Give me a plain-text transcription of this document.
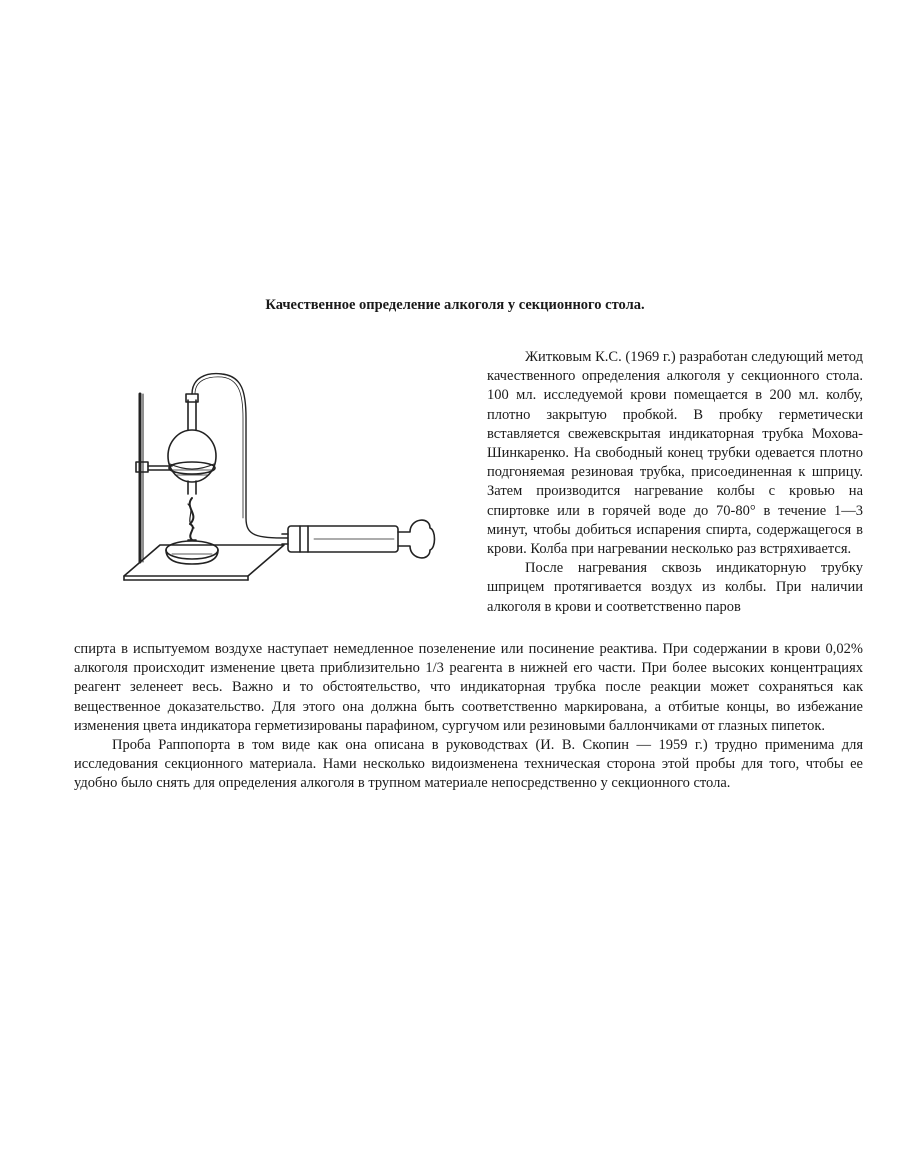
Качественное определение алкоголя у секционного стола.

Житковым К.С. (1969 г.) разработан следующий метод качественного определения алкоголя у секционного стола. 100 мл. исследуемой крови помещается в 200 мл. колбу, плотно закрытую пробкой. В пробку герметически вставляется свежевскрытая индикаторная трубка Мохова-Шинкаренко. На свободный конец трубки одевается плотно подгоняемая резиновая трубка, присоединенная к шприцу. Затем производится нагревание колбы с кровью на спиртовке или в горячей воде до 70-80° в течение 1—3 минут, чтобы добиться испарения спирта, содержащегося в крови. Колба при нагревании несколько раз встряхивается.

После нагревания сквозь индикаторную трубку шприцем протягивается воздух из колбы. При наличии алкоголя в крови и соответственно паров

спирта в испытуемом воздухе наступает немедленное позеленение или посинение реактива. При содержании в крови 0,02% алкоголя происходит изменение цвета приблизительно 1/3 реагента в нижней его части. При более высоких концентрациях реагент зеленеет весь. Важно и то обстоятельство, что индикаторная трубка после реакции может сохраняться как вещественное доказательство. Для этого она должна быть соответственно маркирована, а отбитые концы, во избежание изменения цвета индикатора герметизированы парафином, сургучом или резиновыми баллончиками от глазных пипеток.

Проба Раппопорта в том виде как она описана в руководствах (И. В. Скопин — 1959 г.) трудно применима для исследования секционного материала. Нами несколько видоизменена техническая сторона этой пробы для того, чтобы ее удобно было снять для определения алкоголя в трупном материале непосредственно у секционного стола.
